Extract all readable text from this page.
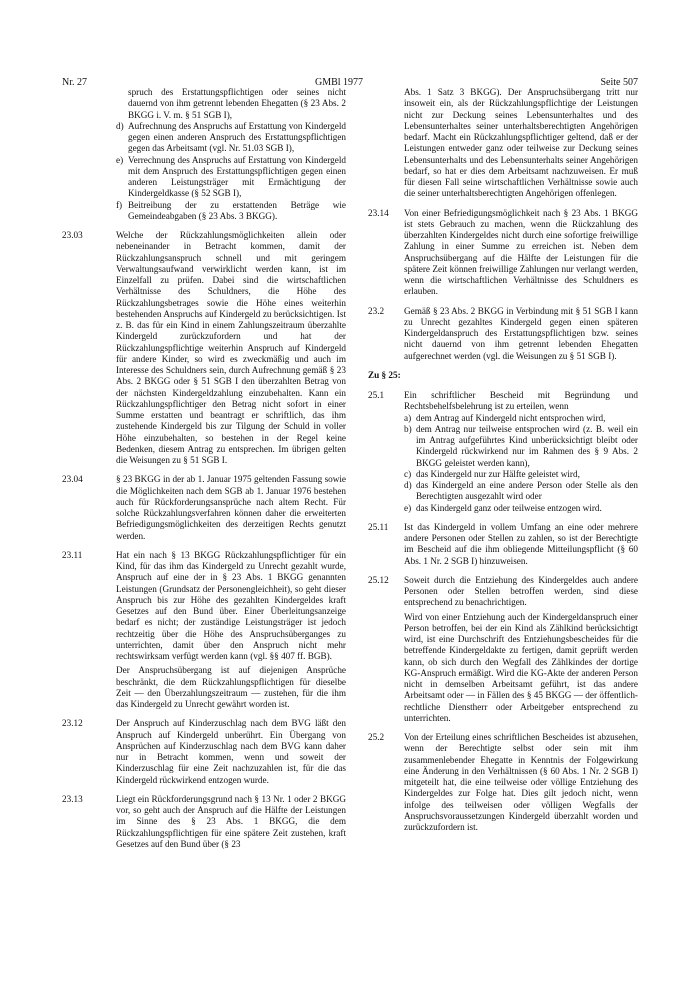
Nr. 27	GMBl 1977	Seite 507
spruch des Erstattungspflichtigen oder seines nicht dauernd von ihm getrennt lebenden Ehegatten (§ 23 Abs. 2 BKGG i. V. m. § 51 SGB I),
d) Aufrechnung des Anspruchs auf Erstattung von Kindergeld gegen einen anderen Anspruch des Erstattungspflichtigen gegen das Arbeitsamt (vgl. Nr. 51.03 SGB I),
e) Verrechnung des Anspruchs auf Erstattung von Kindergeld mit dem Anspruch des Erstattungspflichtigen gegen einen anderen Leistungsträger mit Ermächtigung der Kindergeldkasse (§ 52 SGB I),
f) Beitreibung der zu erstattenden Beträge wie Gemeindeabgaben (§ 23 Abs. 3 BKGG).
23.03	Welche der Rückzahlungsmöglichkeiten allein oder nebeneinander in Betracht kommen, damit der Rückzahlungsanspruch schnell und mit geringem Verwaltungsaufwand verwirklicht werden kann, ist im Einzelfall zu prüfen. Dabei sind die wirtschaftlichen Verhältnisse des Schuldners, die Höhe des Rückzahlungsbetrages sowie die Höhe eines weiterhin bestehenden Anspruchs auf Kindergeld zu berücksichtigen. Ist z. B. das für ein Kind in einem Zahlungszeitraum überzahlte Kindergeld zurückzufordern und hat der Rückzahlungspflichtige weiterhin Anspruch auf Kindergeld für andere Kinder, so wird es zweckmäßig und auch im Interesse des Schuldners sein, durch Aufrechnung gemäß § 23 Abs. 2 BKGG oder § 51 SGB I den überzahlten Betrag von der nächsten Kindergeldzahlung einzubehalten. Kann ein Rückzahlungspflichtiger den Betrag nicht sofort in einer Summe erstatten und beantragt er schriftlich, das ihm zustehende Kindergeld bis zur Tilgung der Schuld in voller Höhe einzubehalten, so bestehen in der Regel keine Bedenken, diesem Antrag zu entsprechen. Im übrigen gelten die Weisungen zu § 51 SGB I.

23.04	§ 23 BKGG in der ab 1. Januar 1975 geltenden Fassung sowie die Möglichkeiten nach dem SGB ab 1. Januar 1976 bestehen auch für Rückforderungsansprüche nach altem Recht. Für solche Rückzahlungsverfahren können daher die erweiterten Befriedigungsmöglichkeiten des derzeitigen Rechts genutzt werden.

23.11	Hat ein nach § 13 BKGG Rückzahlungspflichtiger für ein Kind, für das ihm das Kindergeld zu Unrecht gezahlt wurde, Anspruch auf eine der in § 23 Abs. 1 BKGG genannten Leistungen (Grundsatz der Personengleichheit), so geht dieser Anspruch bis zur Höhe des gezahlten Kindergeldes kraft Gesetzes auf den Bund über. Einer Überleitungsanzeige bedarf es nicht; der zuständige Leistungsträger ist jedoch rechtzeitig über die Höhe des Anspruchsüberganges zu unterrichten, damit über den Anspruch nicht mehr rechtswirksam verfügt werden kann (vgl. §§ 407 ff. BGB).

Der Anspruchsübergang ist auf diejenigen Ansprüche beschränkt, die dem Rückzahlungspflichtigen für dieselbe Zeit — den Überzahlungszeitraum — zustehen, für die ihm das Kindergeld zu Unrecht gewährt worden ist.

23.12	Der Anspruch auf Kinderzuschlag nach dem BVG läßt den Anspruch auf Kindergeld unberührt. Ein Übergang von Ansprüchen auf Kinderzuschlag nach dem BVG kann daher nur in Betracht kommen, wenn und soweit der Kinderzuschlag für eine Zeit nachzuzahlen ist, für die das Kindergeld rückwirkend entzogen wurde.

23.13	Liegt ein Rückforderungsgrund nach § 13 Nr. 1 oder 2 BKGG vor, so geht auch der Anspruch auf die Hälfte der Leistungen im Sinne des § 23 Abs. 1 BKGG, die dem Rückzahlungspflichtigen für eine spätere Zeit zustehen, kraft Gesetzes auf den Bund über (§ 23

Abs. 1 Satz 3 BKGG). Der Anspruchsübergang tritt nur insoweit ein, als der Rückzahlungspflichtige der Leistungen nicht zur Deckung seines Lebensunterhaltes und des Lebensunterhaltes seiner unterhaltsberechtigten Angehörigen bedarf. Macht ein Rückzahlungspflichtiger geltend, daß er der Leistungen entweder ganz oder teilweise zur Deckung seines Lebensunterhalts und des Lebensunterhalts seiner Angehörigen bedarf, so hat er dies dem Arbeitsamt nachzuweisen. Er muß für diesen Fall seine wirtschaftlichen Verhältnisse sowie auch die seiner unterhaltsberechtigten Angehörigen offenlegen.

23.14 Von einer Befriedigungsmöglichkeit nach § 23 Abs. 1 BKGG ist stets Gebrauch zu machen, wenn die Rückzahlung des überzahlten Kindergeldes nicht durch eine sofortige freiwillige Zahlung in einer Summe zu erreichen ist. Neben dem Anspruchsübergang auf die Hälfte der Leistungen für die spätere Zeit können freiwillige Zahlungen nur verlangt werden, wenn die wirtschaftlichen Verhältnisse des Schuldners es erlauben.

23.2 Gemäß § 23 Abs. 2 BKGG in Verbindung mit § 51 SGB I kann zu Unrecht gezahltes Kindergeld gegen einen späteren Kindergeldanspruch des Erstattungspflichtigen bzw. seines nicht dauernd von ihm getrennt lebenden Ehegatten aufgerechnet werden (vgl. die Weisungen zu § 51 SGB I).

Zu § 25:
25.1 Ein schriftlicher Bescheid mit Begründung und Rechtsbehelfsbelehrung ist zu erteilen, wenn

a) dem Antrag auf Kindergeld nicht entsprochen wird,
b) dem Antrag nur teilweise entsprochen wird (z. B. weil ein im Antrag aufgeführtes Kind unberücksichtigt bleibt oder Kindergeld rückwirkend nur im Rahmen des § 9 Abs. 2 BKGG geleistet werden kann),
c) das Kindergeld nur zur Hälfte geleistet wird,
d) das Kindergeld an eine andere Person oder Stelle als den Berechtigten ausgezahlt wird oder
e) das Kindergeld ganz oder teilweise entzogen wird.
25.11 Ist das Kindergeld in vollem Umfang an eine oder mehrere andere Personen oder Stellen zu zahlen, so ist der Berechtigte im Bescheid auf die ihm obliegende Mitteilungspflicht (§ 60 Abs. 1 Nr. 2 SGB I) hinzuweisen.

25.12 Soweit durch die Entziehung des Kindergeldes auch andere Personen oder Stellen betroffen werden, sind diese entsprechend zu benachrichtigen.

Wird von einer Entziehung auch der Kindergeldanspruch einer Person betroffen, bei der ein Kind als Zählkind berücksichtigt wird, ist eine Durchschrift des Entziehungsbescheides für die betreffende Kindergeldakte zu fertigen, damit geprüft werden kann, ob sich durch den Wegfall des Zählkindes der dortige KG-Anspruch ermäßigt. Wird die KG-Akte der anderen Person nicht in demselben Arbeitsamt geführt, ist das andere Arbeitsamt oder — in Fällen des § 45 BKGG — der öffentlich-rechtliche Dienstherr oder Arbeitgeber entsprechend zu unterrichten.

25.2 Von der Erteilung eines schriftlichen Bescheides ist abzusehen, wenn der Berechtigte selbst oder sein mit ihm zusammenlebender Ehegatte in Kenntnis der Folgewirkung eine Änderung in den Verhältnissen (§ 60 Abs. 1 Nr. 2 SGB I) mitgeteilt hat, die eine teilweise oder völlige Entziehung des Kindergeldes zur Folge hat. Dies gilt jedoch nicht, wenn infolge des teilweisen oder völligen Wegfalls der Anspruchsvoraussetzungen Kindergeld überzahlt worden und zurückzufordern ist.
